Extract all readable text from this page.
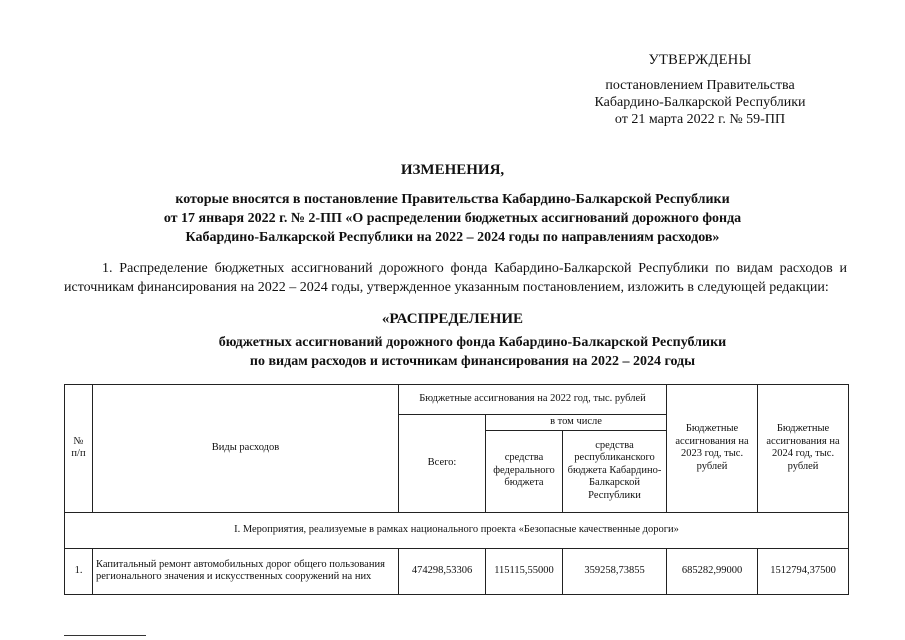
УТВЕРЖДЕНЫ
постановлением Правительства
Кабардино-Балкарской Республики
от 21 марта 2022 г. № 59-ПП
ИЗМЕНЕНИЯ,
которые вносятся в постановление Правительства Кабардино-Балкарской Республики
от 17 января 2022 г. № 2-ПП «О распределении бюджетных ассигнований дорожного фонда
Кабардино-Балкарской Республики на 2022 – 2024 годы по направлениям расходов»
1. Распределение бюджетных ассигнований дорожного фонда Кабардино-Балкарской Республики по видам расходов и источникам финансирования на 2022 – 2024 годы, утвержденное указанным постановлением, изложить в следующей редакции:
«РАСПРЕДЕЛЕНИЕ
бюджетных ассигнований дорожного фонда Кабардино-Балкарской Республики
по видам расходов и источникам финансирования на 2022 – 2024 годы
№ п/п	Виды расходов	Бюджетные ассигнования на 2022 год, тыс. рублей			Бюджетные ассигнования на 2023 год, тыс. рублей	Бюджетные ассигнования на 2024 год, тыс. рублей
		Всего:	в том числе			
			средства федерального бюджета	средства республиканского бюджета Кабардино-Балкарской Республики		
I. Мероприятия, реализуемые в рамках национального проекта «Безопасные качественные дороги»						
1.	Капитальный ремонт автомобильных дорог общего пользования регионального значения и искусственных сооружений на них	474298,53306	115115,55000	359258,73855	685282,99000	1512794,37500
